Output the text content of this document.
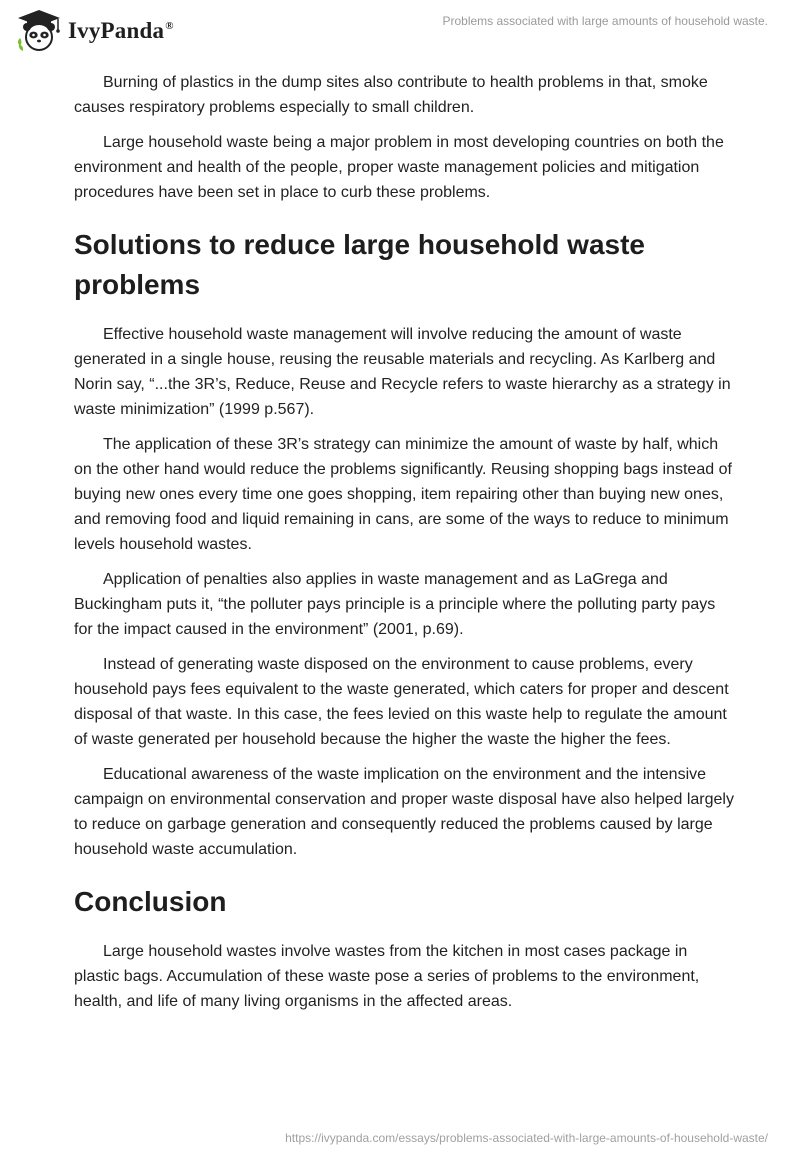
IvyPanda®	Problems associated with large amounts of household waste.

Burning of plastics in the dump sites also contribute to health problems in that, smoke causes respiratory problems especially to small children.

Large household waste being a major problem in most developing countries on both the environment and health of the people, proper waste management policies and mitigation procedures have been set in place to curb these problems.

Solutions to reduce large household waste problems

Effective household waste management will involve reducing the amount of waste generated in a single house, reusing the reusable materials and recycling. As Karlberg and Norin say, “...the 3R’s, Reduce, Reuse and Recycle refers to waste hierarchy as a strategy in waste minimization” (1999 p.567).

The application of these 3R’s strategy can minimize the amount of waste by half, which on the other hand would reduce the problems significantly. Reusing shopping bags instead of buying new ones every time one goes shopping, item repairing other than buying new ones, and removing food and liquid remaining in cans, are some of the ways to reduce to minimum levels household wastes.

Application of penalties also applies in waste management and as LaGrega and Buckingham puts it, “the polluter pays principle is a principle where the polluting party pays for the impact caused in the environment” (2001, p.69).

Instead of generating waste disposed on the environment to cause problems, every household pays fees equivalent to the waste generated, which caters for proper and descent disposal of that waste. In this case, the fees levied on this waste help to regulate the amount of waste generated per household because the higher the waste the higher the fees.

Educational awareness of the waste implication on the environment and the intensive campaign on environmental conservation and proper waste disposal have also helped largely to reduce on garbage generation and consequently reduced the problems caused by large household waste accumulation.

Conclusion

Large household wastes involve wastes from the kitchen in most cases package in plastic bags. Accumulation of these waste pose a series of problems to the environment, health, and life of many living organisms in the affected areas.

https://ivypanda.com/essays/problems-associated-with-large-amounts-of-household-waste/
